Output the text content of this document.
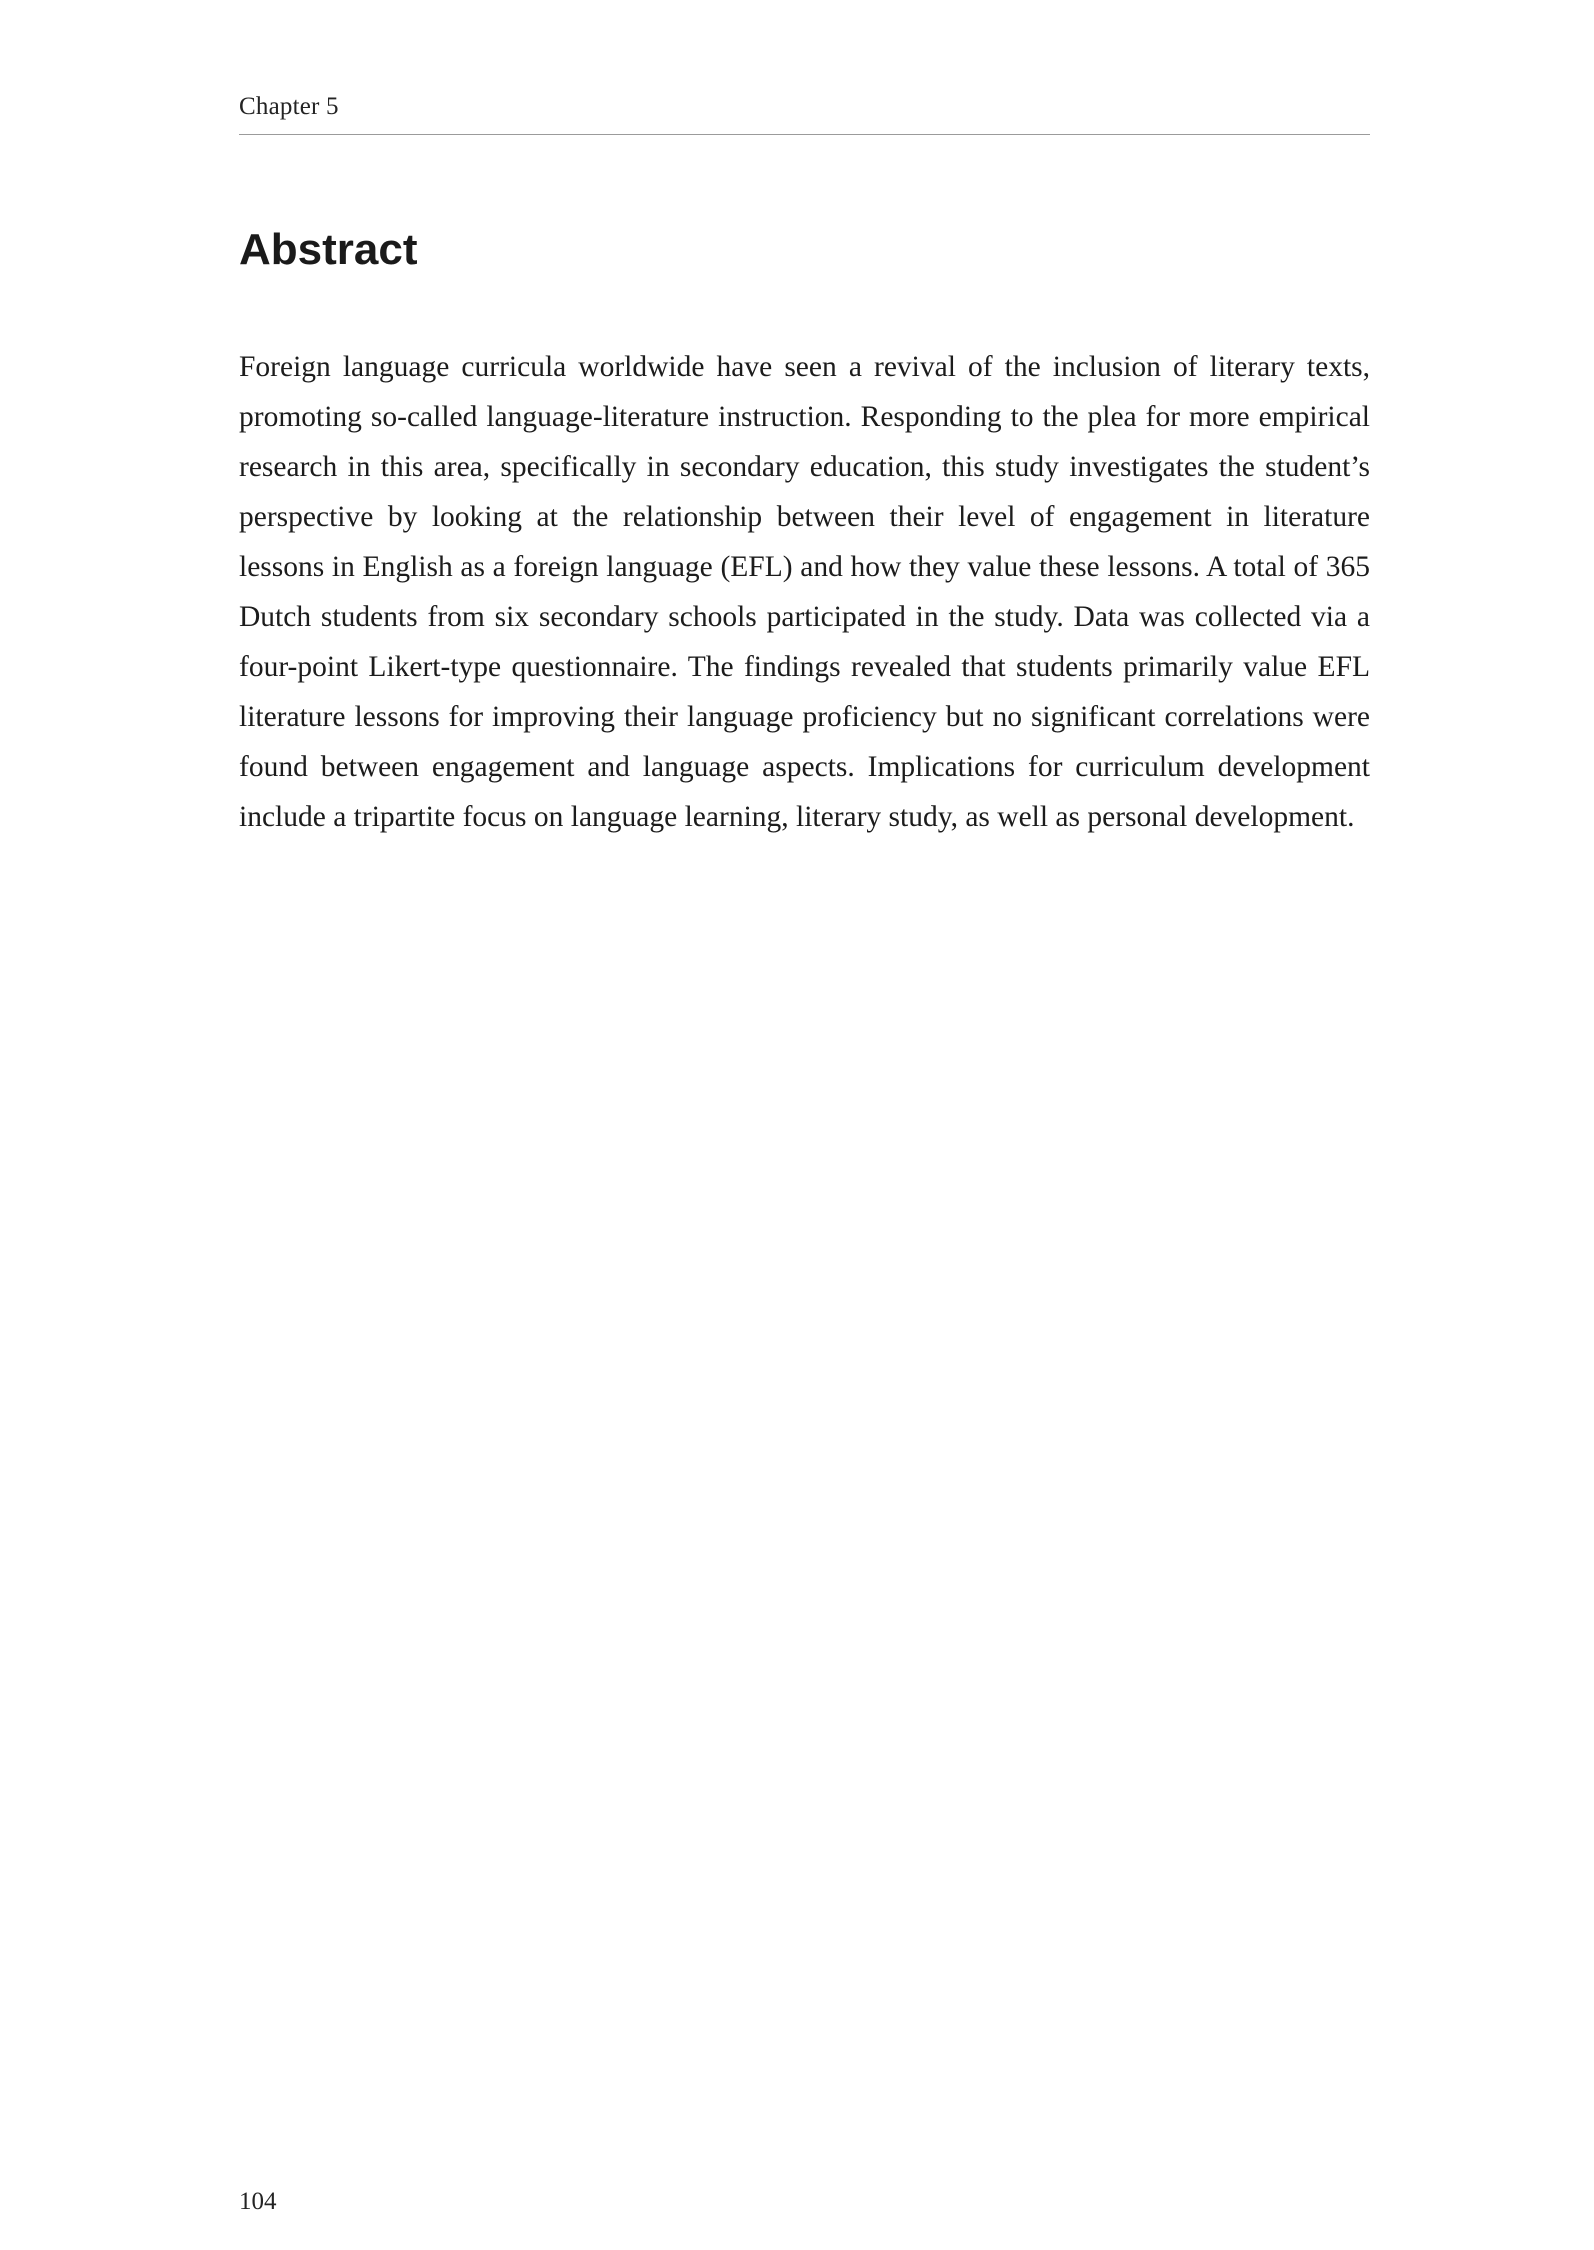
Chapter 5
Abstract

Foreign language curricula worldwide have seen a revival of the inclusion of literary texts, promoting so-called language-literature instruction. Responding to the plea for more empirical research in this area, specifically in secondary education, this study investigates the student’s perspective by looking at the relationship between their level of engagement in literature lessons in English as a foreign language (EFL) and how they value these lessons. A total of 365 Dutch students from six secondary schools participated in the study. Data was collected via a four-point Likert-type questionnaire. The findings revealed that students primarily value EFL literature lessons for improving their language proficiency but no significant correlations were found between engagement and language aspects. Implications for curriculum development include a tripartite focus on language learning, literary study, as well as personal development.

104
